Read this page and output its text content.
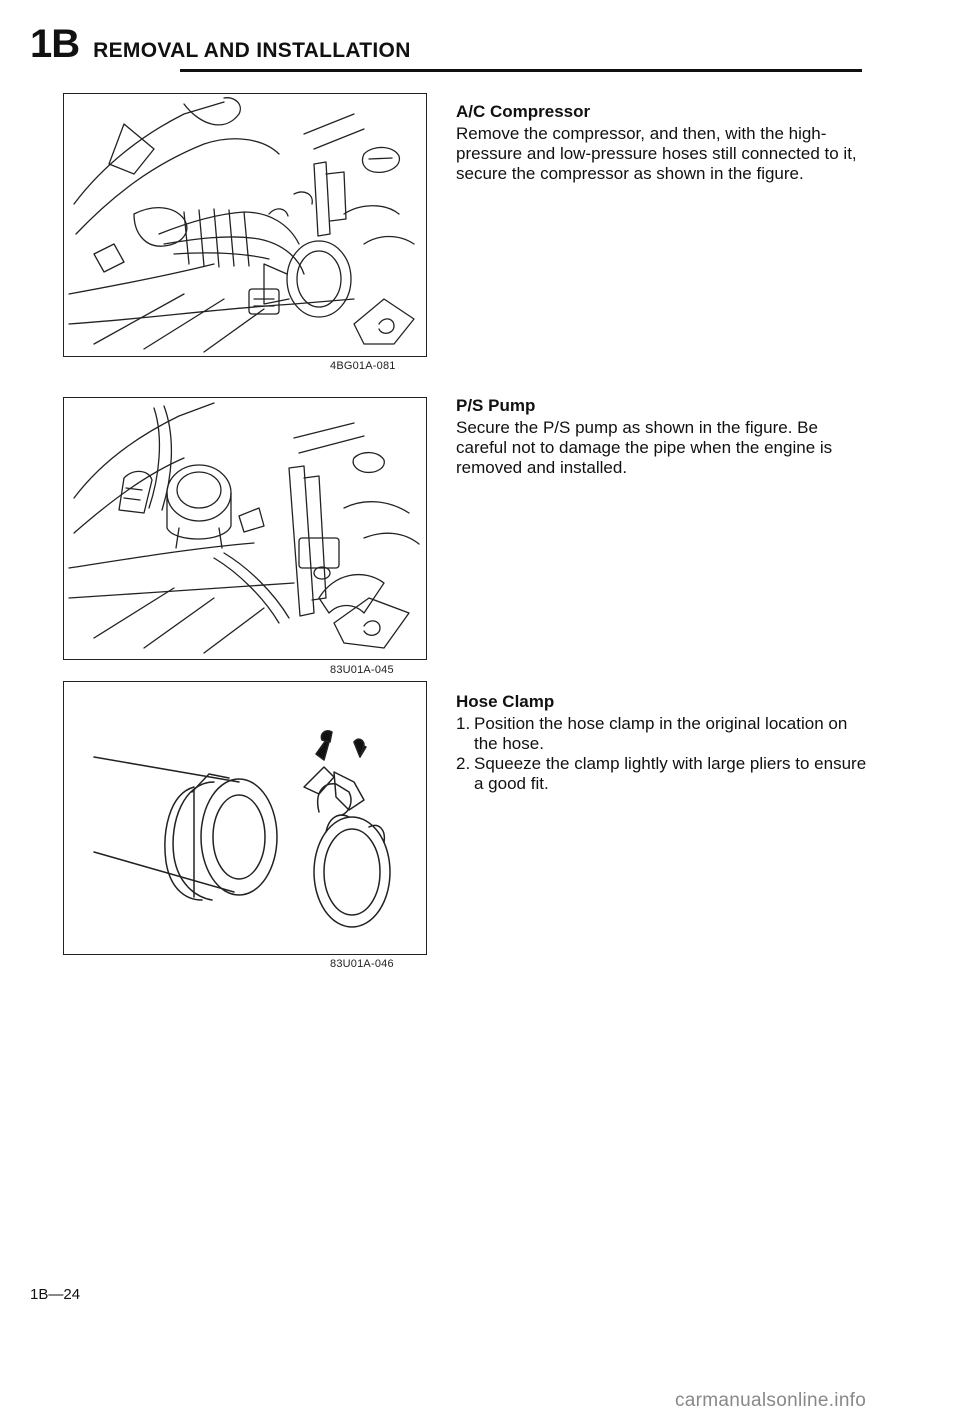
1B REMOVAL AND INSTALLATION
4BG01A-081
83U01A-045
83U01A-046

A/C Compressor

Remove the compressor, and then, with the high-pressure and low-pressure hoses still connected to it, secure the compressor as shown in the figure.

P/S Pump

Secure the P/S pump as shown in the figure. Be careful not to damage the pipe when the engine is removed and installed.

Hose Clamp

1. Position the hose clamp in the original location on the hose.
2. Squeeze the clamp lightly with large pliers to ensure a good fit.
1B—24
carmanualsonline.info
